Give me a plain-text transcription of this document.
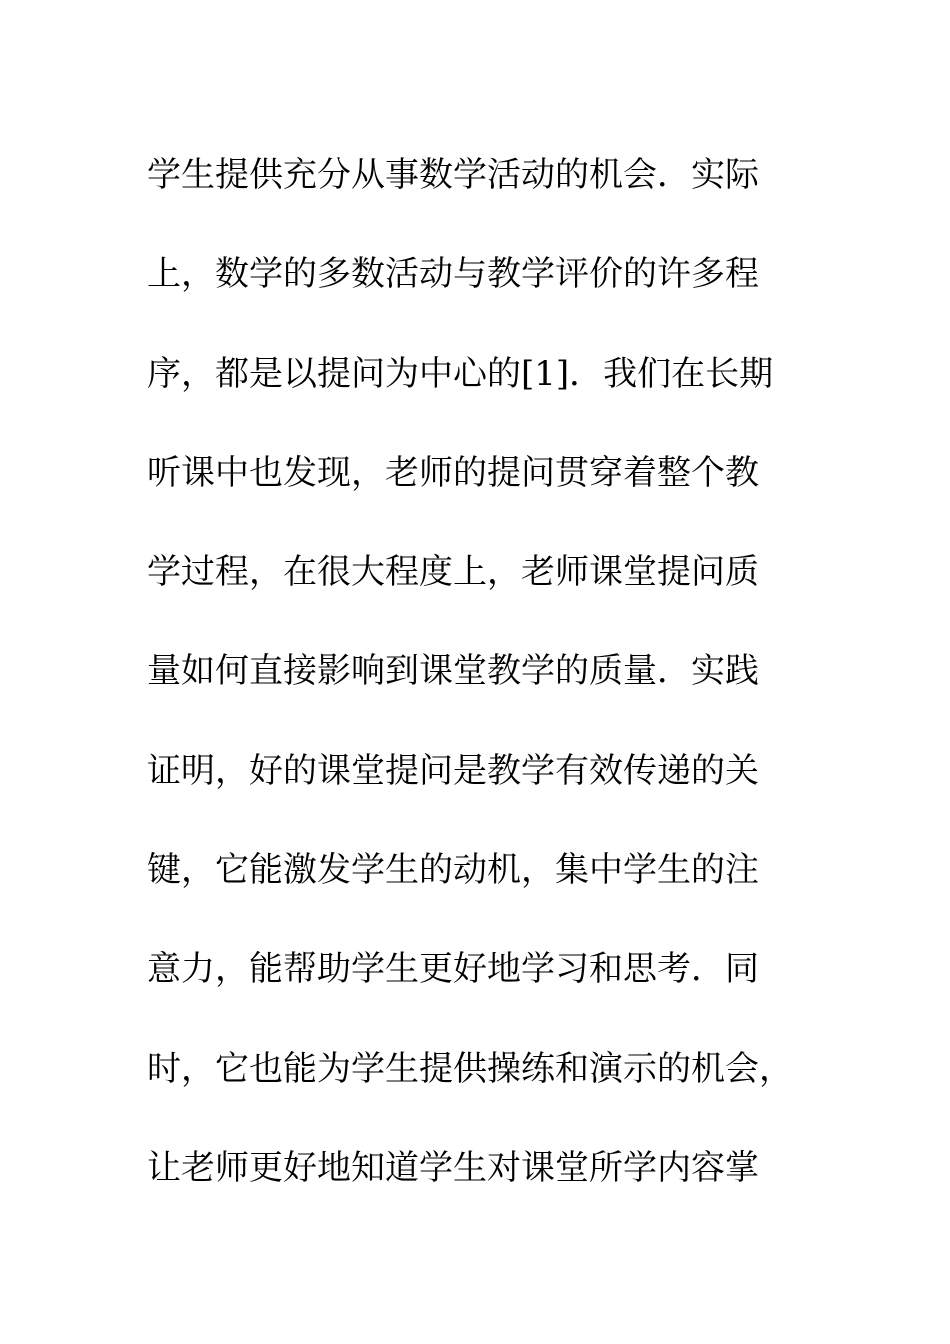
学生提供充分从事数学活动的机会．实际
上，数学的多数活动与教学评价的许多程
序，都是以提问为中心的[1]．我们在长期
听课中也发现，老师的提问贯穿着整个教
学过程，在很大程度上，老师课堂提问质
量如何直接影响到课堂教学的质量．实践
证明，好的课堂提问是教学有效传递的关
键，它能激发学生的动机，集中学生的注
意力，能帮助学生更好地学习和思考．同
时，它也能为学生提供操练和演示的机会，
让老师更好地知道学生对课堂所学内容掌
